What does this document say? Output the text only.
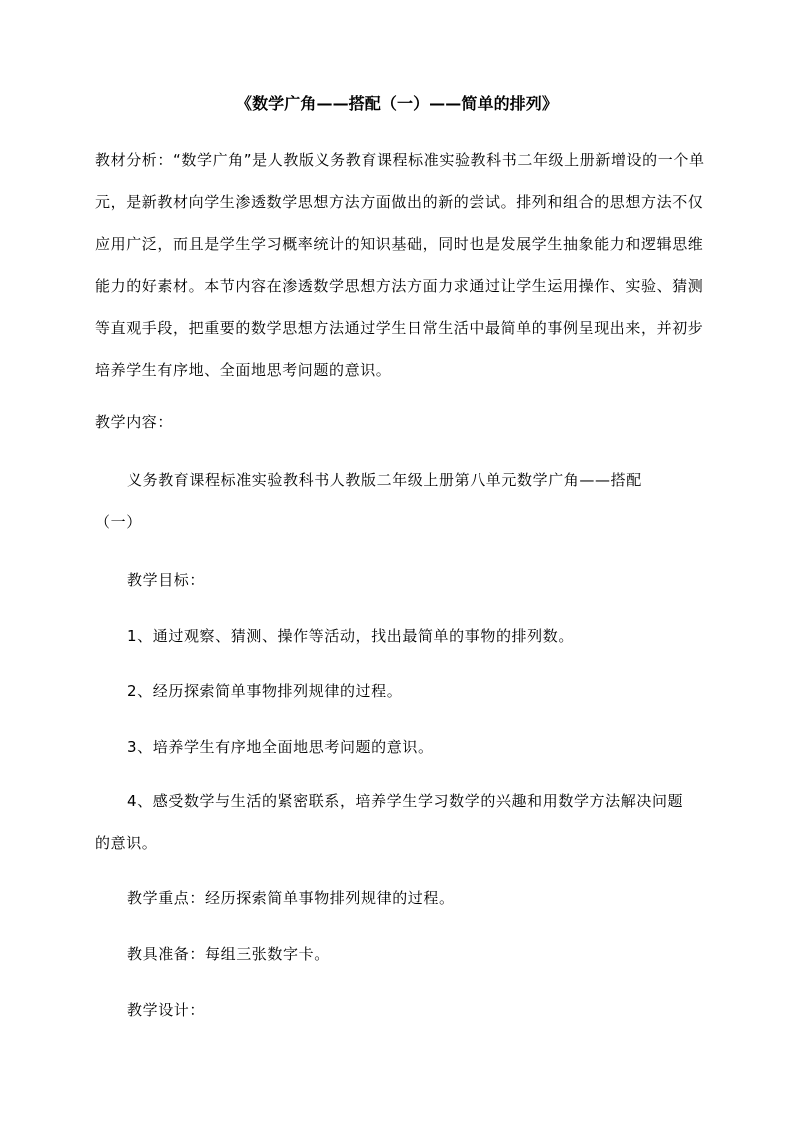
《数学广角——搭配（一）——简单的排列》

教材分析：“数学广角”是人教版义务教育课程标准实验教科书二年级上册新增设的一个单元，是新教材向学生渗透数学思想方法方面做出的新的尝试。排列和组合的思想方法不仅应用广泛，而且是学生学习概率统计的知识基础，同时也是发展学生抽象能力和逻辑思维能力的好素材。本节内容在渗透数学思想方法方面力求通过让学生运用操作、实验、猜测等直观手段，把重要的数学思想方法通过学生日常生活中最简单的事例呈现出来，并初步培养学生有序地、全面地思考问题的意识。

教学内容：

义务教育课程标准实验教科书人教版二年级上册第八单元数学广角——搭配

（一）

教学目标：

1、通过观察、猜测、操作等活动，找出最简单的事物的排列数。

2、经历探索简单事物排列规律的过程。

3、培养学生有序地全面地思考问题的意识。

4、感受数学与生活的紧密联系，培养学生学习数学的兴趣和用数学方法解决问题

的意识。

教学重点：经历探索简单事物排列规律的过程。

教具准备：每组三张数字卡。

教学设计：
